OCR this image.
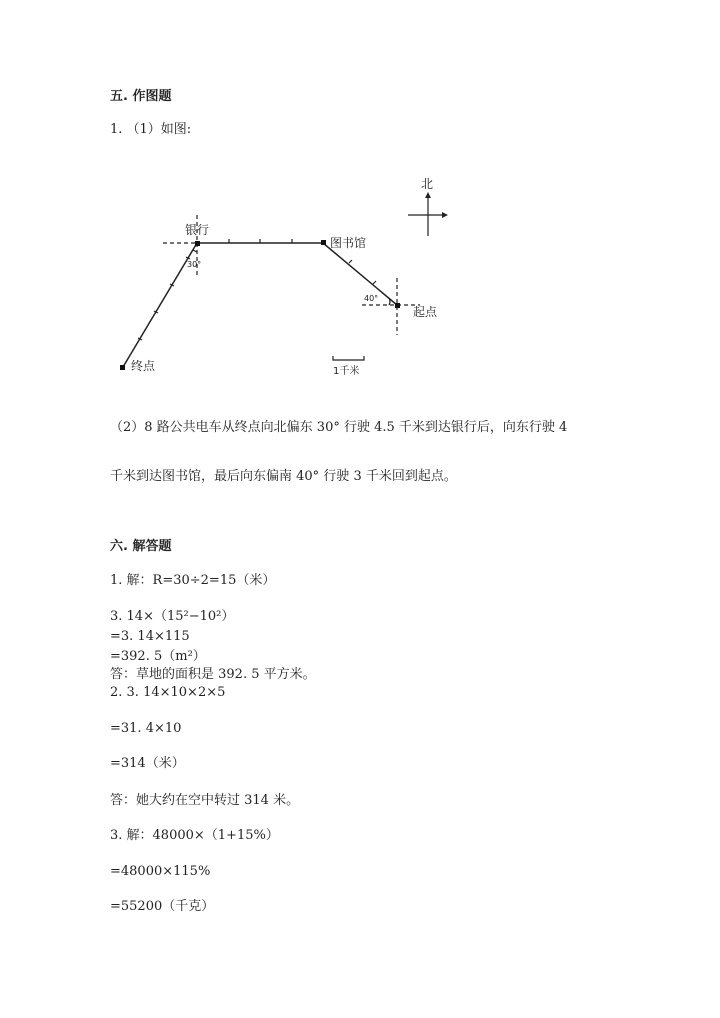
五. 作图题
1. （1）如图:
北
银行
图书馆
起点
终点
30°
40°
1千米
（2）8 路公共电车从终点向北偏东 30° 行驶 4.5 千米到达银行后，向东行驶 4
千米到达图书馆，最后向东偏南 40° 行驶 3 千米回到起点。
六. 解答题
1. 解：R=30÷2=15（米）
3. 14×（15²−10²）
=3. 14×115
=392. 5（m²）
答：草地的面积是 392. 5 平方米。
2. 3. 14×10×2×5
=31. 4×10
=314（米）
答：她大约在空中转过 314 米。
3. 解：48000×（1+15%）
=48000×115%
=55200（千克）
